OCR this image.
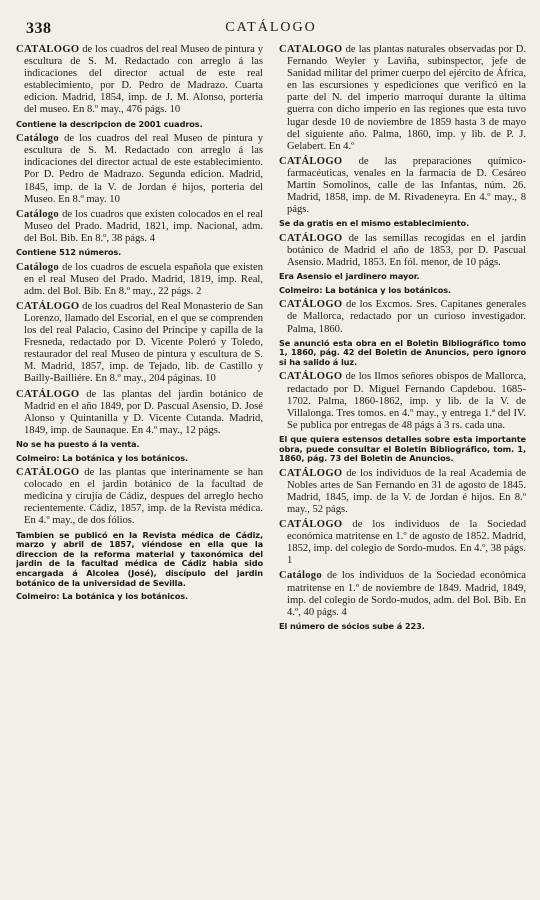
338	CATÁLOGO

CATÁLOGO de los cuadros del real Museo de pintura y escultura de S. M. Redactado con arreglo á las indicaciones del director actual de este real establecimiento, por D. Pedro de Madrazo. Cuarta edicion. Madrid, 1854, imp. de J. M. Alonso, porteria del museo. En 8.º may., 476 págs. 10

Contiene la descripcion de 2001 cuadros.

Catálogo de los cuadros del real Museo de pintura y escultura de S. M. Redactado con arreglo á las indicaciones del director actual de este establecimiento. Por D. Pedro de Madrazo. Segunda edicion. Madrid, 1845, imp. de la V. de Jordan é hijos, porteria del Museo. En 8.º may. 10

Catálogo de los cuadros que existen colocados en el real Museo del Prado. Madrid, 1821, imp. Nacional, adm. del Bol. Bib. En 8.º, 38 págs. 4

Contiene 512 números.

Catálogo de los cuadros de escuela española que existen en el real Museo del Prado. Madrid, 1819, imp. Real, adm. del Bol. Bib. En 8.º may., 22 págs. 2

CATÁLOGO de los cuadros del Real Monasterio de San Lorenzo, llamado del Escorial, en el que se comprenden los del real Palacio, Casino del Príncipe y capilla de la Fresneda, redactado por D. Vicente Poleró y Toledo, restaurador del real Museo de pintura y escultura de S. M. Madrid, 1857, imp. de Tejado, lib. de Castillo y Bailly-Bailliére. En 8.º may., 204 páginas. 10

CATÁLOGO de las plantas del jardin botánico de Madrid en el año 1849, por D. Pascual Asensio, D. José Alonso y Quintanilla y D. Vicente Cutanda. Madrid, 1849, imp. de Saunaque. En 4.º may., 12 págs.

No se ha puesto á la venta.

Colmeiro: La botánica y los botánicos.

CATÁLOGO de las plantas que interinamente se han colocado en el jardin botánico de la facultad de medicina y cirujía de Cádiz, despues del arreglo hecho recientemente. Cádiz, 1857, imp. de la Revista médica. En 4.º may., de dos fólios.

Tambien se publicó en la Revista médica de Cádiz, marzo y abril de 1857, viéndose en ella que la direccion de la reforma material y taxonómica del jardin de la facultad médica de Cádiz habia sido encargada á Alcolea (José), discípulo del jardin botánico de la universidad de Sevilla.

Colmeiro: La botánica y los botánicos.

CATÁLOGO de las plantas naturales observadas por D. Fernando Weyler y Laviña, subinspector, jefe de Sanidad militar del primer cuerpo del ejército de África, en las escursiones y espediciones que verificó en la parte del N. del imperio marroquí durante la última guerra con dicho imperio en las regiones que esta tuvo lugar desde 10 de noviembre de 1859 hasta 3 de mayo del siguiente año. Palma, 1860, imp. y lib. de P. J. Gelabert. En 4.º

CATÁLOGO de las preparaciones químico-farmacéuticas, venales en la farmacia de D. Cesáreo Martin Somolinos, calle de las Infantas, núm. 26. Madrid, 1858, imp. de M. Rivadeneyra. En 4.º may., 8 págs.

Se da gratis en el mismo establecimiento.

CATÁLOGO de las semillas recogidas en el jardin botánico de Madrid el año de 1853, por D. Pascual Asensio. Madrid, 1853. En fól. menor, de 10 págs.

Era Asensio el jardinero mayor.

Colmeiro: La botánica y los botánicos.

CATÁLOGO de los Excmos. Sres. Capitanes generales de Mallorca, redactado por un curioso investigador. Palma, 1860.

Se anunció esta obra en el Boletin Bibliográfico tomo 1, 1860, pág. 42 del Boletin de Anuncios, pero ignoro si ha salido á luz.

CATÁLOGO de los Ilmos señores obispos de Mallorca, redactado por D. Miguel Fernando Capdebou. 1685-1702. Palma, 1860-1862, imp. y lib. de la V. de Villalonga. Tres tomos. en 4.º may., y entrega 1.ª del IV. Se publica por entregas de 48 págs á 3 rs. cada una.

El que quiera estensos detalles sobre esta importante obra, puede consultar el Boletin Bibliográfico, tom. 1, 1860, pág. 73 del Boletin de Anuncios.

CATÁLOGO de los individuos de la real Academia de Nobles artes de San Fernando en 31 de agosto de 1845. Madrid, 1845, imp. de la V. de Jordan é hijos. En 8.º may., 52 págs.

CATÁLOGO de los individuos de la Sociedad económica matritense en 1.º de agosto de 1852. Madrid, 1852, imp. del colegio de Sordo-mudos. En 4.º, 38 págs. 1

Catálogo de los individuos de la Sociedad económica matritense en 1.º de noviembre de 1849. Madrid, 1849, imp. del colegio de Sordo-mudos, adm. del Bol. Bib. En 4.º, 40 págs. 4

El número de sócios sube á 223.
